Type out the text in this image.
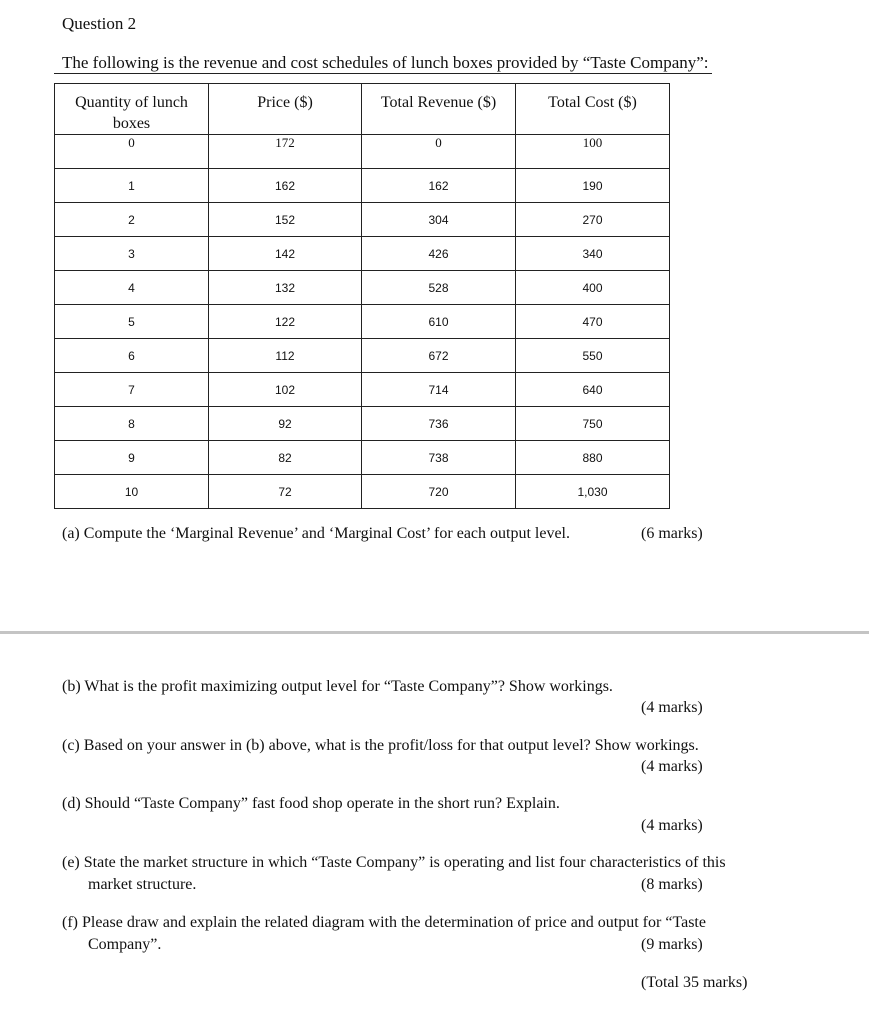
Question 2
The following is the revenue and cost schedules of lunch boxes provided by “Taste Company”:
Quantity of lunch boxes	Price ($)	Total Revenue ($)	Total Cost ($)
0	172	0	100
1	162	162	190
2	152	304	270
3	142	426	340
4	132	528	400
5	122	610	470
6	112	672	550
7	102	714	640
8	92	736	750
9	82	738	880
10	72	720	1,030
(a) Compute the ‘Marginal Revenue’ and ‘Marginal Cost’ for each output level.	(6 marks)
(b) What is the profit maximizing output level for “Taste Company”? Show workings.
(4 marks)
(c) Based on your answer in (b) above, what is the profit/loss for that output level? Show workings.
(4 marks)
(d) Should “Taste Company” fast food shop operate in the short run? Explain.
(4 marks)
(e) State the market structure in which “Taste Company” is operating and list four characteristics of this
market structure.	(8 marks)
(f) Please draw and explain the related diagram with the determination of price and output for “Taste
Company”.	(9 marks)
(Total 35 marks)
